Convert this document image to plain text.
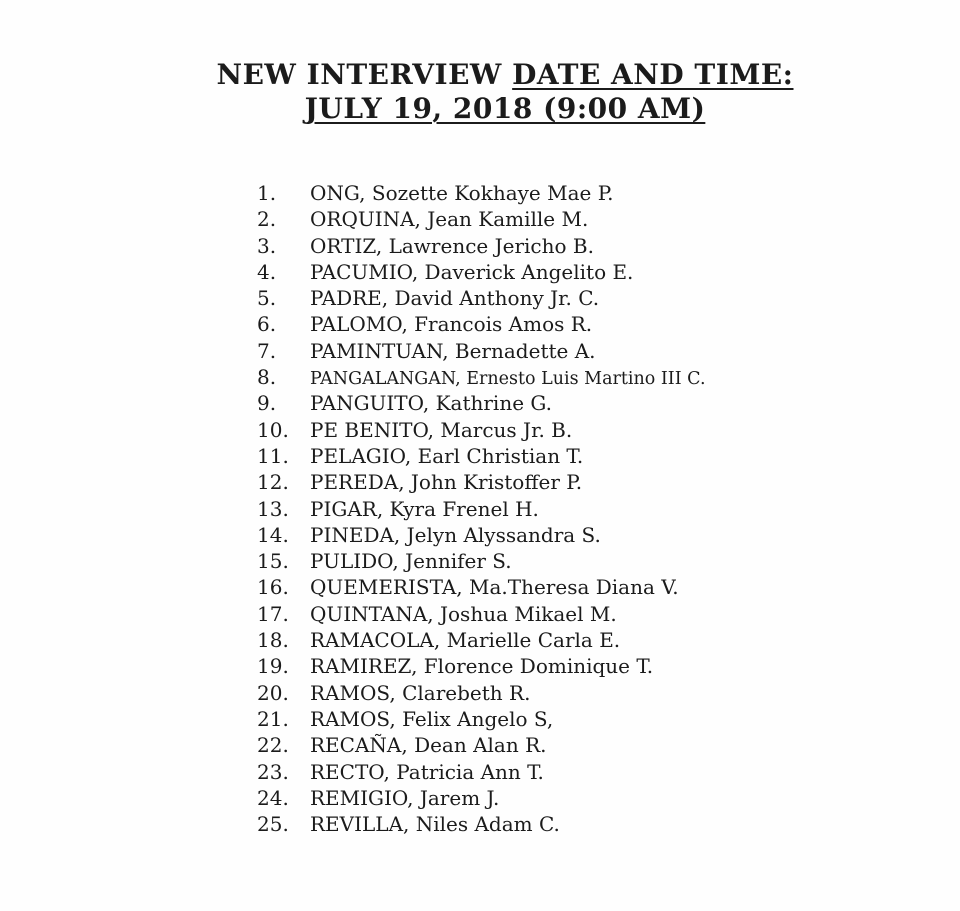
NEW INTERVIEW DATE AND TIME:
JULY 19, 2018 (9:00 AM)
1.	ONG, Sozette Kokhaye Mae P.
2.	ORQUINA, Jean Kamille M.
3.	ORTIZ, Lawrence Jericho B.
4.	PACUMIO, Daverick Angelito E.
5.	PADRE, David Anthony Jr. C.
6.	PALOMO, Francois Amos R.
7.	PAMINTUAN, Bernadette A.
8.	PANGALANGAN, Ernesto Luis Martino III C.
9.	PANGUITO, Kathrine G.
10.	PE BENITO, Marcus Jr. B.
11.	PELAGIO, Earl Christian T.
12.	PEREDA, John Kristoffer P.
13.	PIGAR, Kyra Frenel H.
14.	PINEDA, Jelyn Alyssandra S.
15.	PULIDO, Jennifer S.
16.	QUEMERISTA, Ma.Theresa Diana V.
17.	QUINTANA, Joshua Mikael M.
18.	RAMACOLA, Marielle Carla E.
19.	RAMIREZ, Florence Dominique T.
20.	RAMOS, Clarebeth R.
21.	RAMOS, Felix Angelo S,
22.	RECAÑA, Dean Alan R.
23.	RECTO, Patricia Ann T.
24.	REMIGIO, Jarem J.
25.	REVILLA, Niles Adam C.
